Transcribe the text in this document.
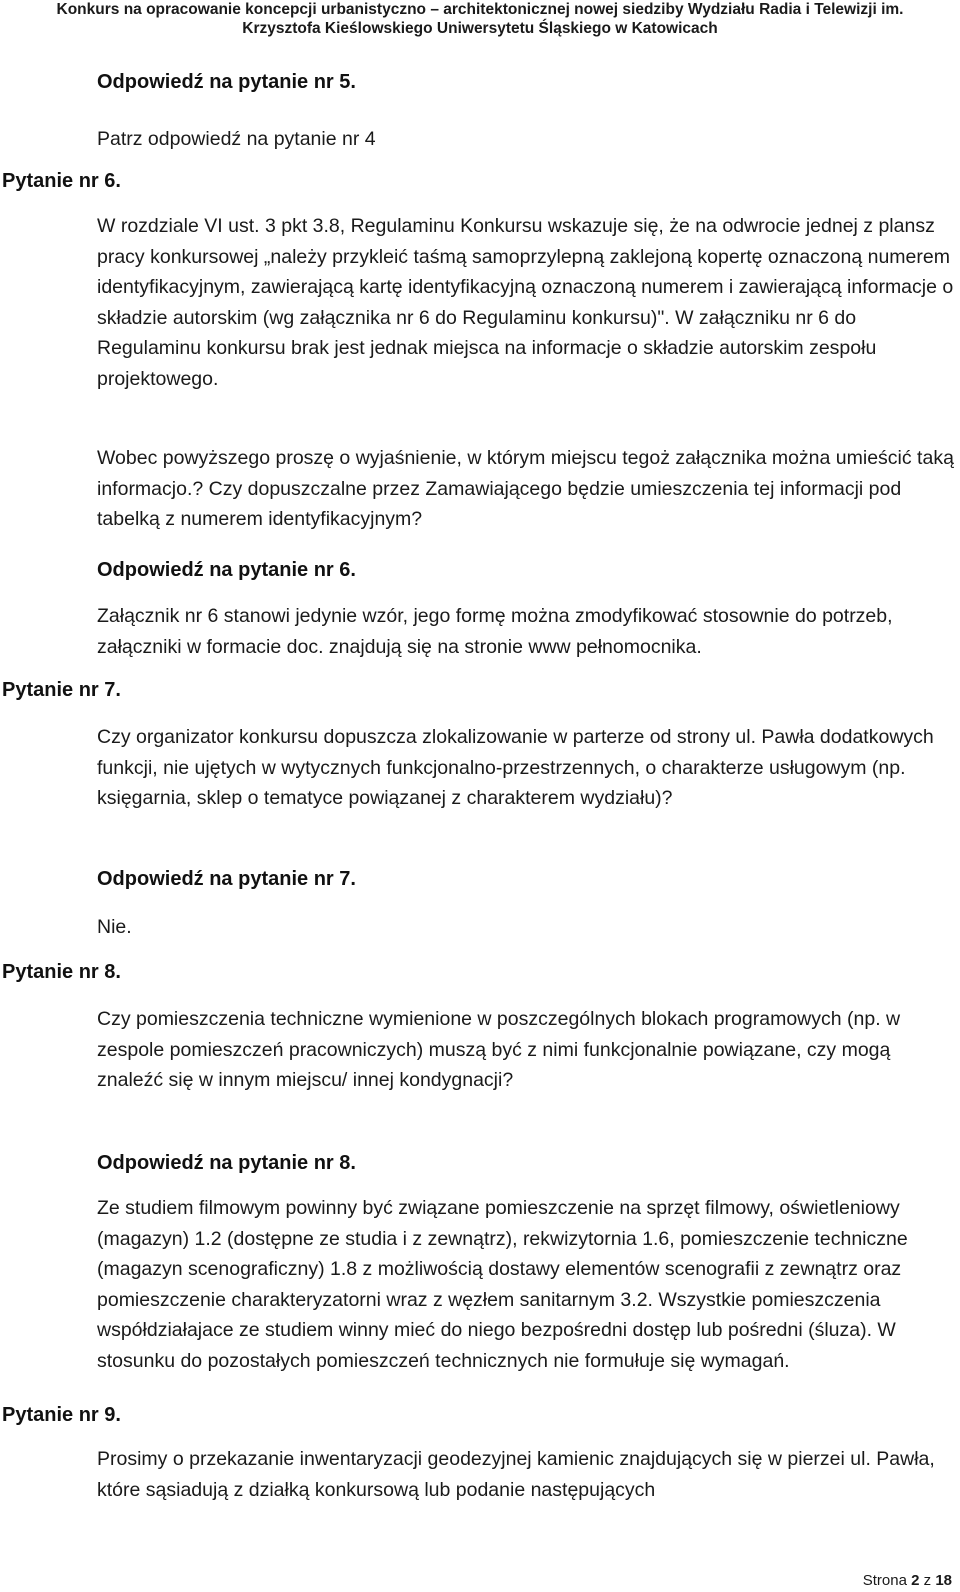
Konkurs na opracowanie koncepcji urbanistyczno – architektonicznej nowej siedziby Wydziału Radia i Telewizji im.
Krzysztofa Kieślowskiego Uniwersytetu Śląskiego w Katowicach
Odpowiedź na pytanie nr 5.
Patrz odpowiedź na pytanie nr 4
Pytanie nr 6.
W rozdziale VI ust. 3 pkt 3.8, Regulaminu Konkursu wskazuje się, że na odwrocie jednej z plansz pracy konkursowej „należy przykleić taśmą samoprzylepną zaklejoną kopertę oznaczoną numerem identyfikacyjnym, zawierającą kartę identyfikacyjną oznaczoną numerem i zawierającą informacje o składzie autorskim (wg załącznika nr 6 do Regulaminu konkursu)". W załączniku nr 6 do Regulaminu konkursu brak jest jednak miejsca na informacje o składzie autorskim zespołu projektowego.
Wobec powyższego proszę o wyjaśnienie, w którym miejscu tegoż załącznika można umieścić taką informacjo.? Czy dopuszczalne przez Zamawiającego będzie umieszczenia tej informacji pod tabelką z numerem identyfikacyjnym?
Odpowiedź na pytanie nr 6.
Załącznik nr 6 stanowi jedynie wzór, jego formę można zmodyfikować stosownie do potrzeb, załączniki w formacie doc. znajdują się na stronie www pełnomocnika.
Pytanie nr 7.
Czy organizator konkursu dopuszcza zlokalizowanie w parterze od strony ul. Pawła dodatkowych funkcji, nie ujętych w wytycznych funkcjonalno-przestrzennych, o charakterze usługowym (np. księgarnia, sklep o tematyce powiązanej z charakterem wydziału)?
Odpowiedź na pytanie nr 7.
Nie.
Pytanie nr 8.
Czy pomieszczenia techniczne wymienione w poszczególnych blokach programowych (np. w zespole pomieszczeń pracowniczych) muszą być z nimi funkcjonalnie powiązane, czy mogą znaleźć się w innym miejscu/ innej kondygnacji?
Odpowiedź na pytanie nr 8.
Ze studiem filmowym powinny być związane pomieszczenie na sprzęt filmowy, oświetleniowy (magazyn) 1.2 (dostępne ze studia i z zewnątrz), rekwizytornia 1.6, pomieszczenie techniczne (magazyn scenograficzny) 1.8 z możliwością dostawy elementów scenografii z zewnątrz oraz pomieszczenie charakteryzatorni wraz z węzłem sanitarnym 3.2. Wszystkie pomieszczenia współdziałajace ze studiem winny mieć do niego bezpośredni dostęp lub pośredni (śluza). W stosunku do pozostałych pomieszczeń technicznych nie formułuje się wymagań.
Pytanie nr 9.
Prosimy o przekazanie inwentaryzacji geodezyjnej kamienic znajdujących się w pierzei ul. Pawła, które sąsiadują z działką konkursową lub podanie następujących
Strona 2 z 18
